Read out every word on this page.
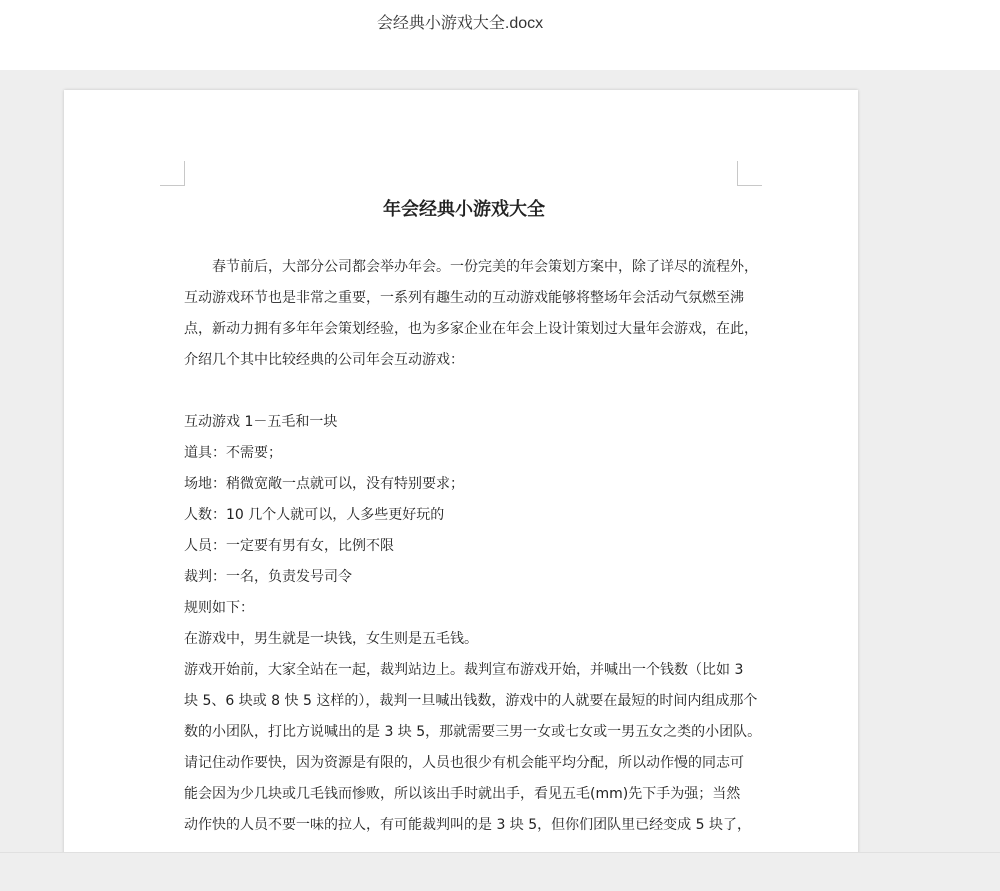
会经典小游戏大全.docx
年会经典小游戏大全

春节前后，大部分公司都会举办年会。一份完美的年会策划方案中，除了详尽的流程外，

互动游戏环节也是非常之重要，一系列有趣生动的互动游戏能够将整场年会活动气氛燃至沸

点，新动力拥有多年年会策划经验，也为多家企业在年会上设计策划过大量年会游戏，在此，

介绍几个其中比较经典的公司年会互动游戏：

互动游戏 1－五毛和一块

道具：不需要；

场地：稍微宽敞一点就可以，没有特别要求；

人数：10 几个人就可以，人多些更好玩的

人员：一定要有男有女，比例不限

裁判：一名，负责发号司令

规则如下：

在游戏中，男生就是一块钱，女生则是五毛钱。

游戏开始前，大家全站在一起，裁判站边上。裁判宣布游戏开始，并喊出一个钱数（比如 3

块 5、6 块或 8 快 5 这样的），裁判一旦喊出钱数，游戏中的人就要在最短的时间内组成那个

数的小团队，打比方说喊出的是 3 块 5，那就需要三男一女或七女或一男五女之类的小团队。

请记住动作要快，因为资源是有限的，人员也很少有机会能平均分配，所以动作慢的同志可

能会因为少几块或几毛钱而惨败，所以该出手时就出手，看见五毛(mm)先下手为强；当然

动作快的人员不要一味的拉人，有可能裁判叫的是 3 块 5，但你们团队里已经变成 5 块了，
